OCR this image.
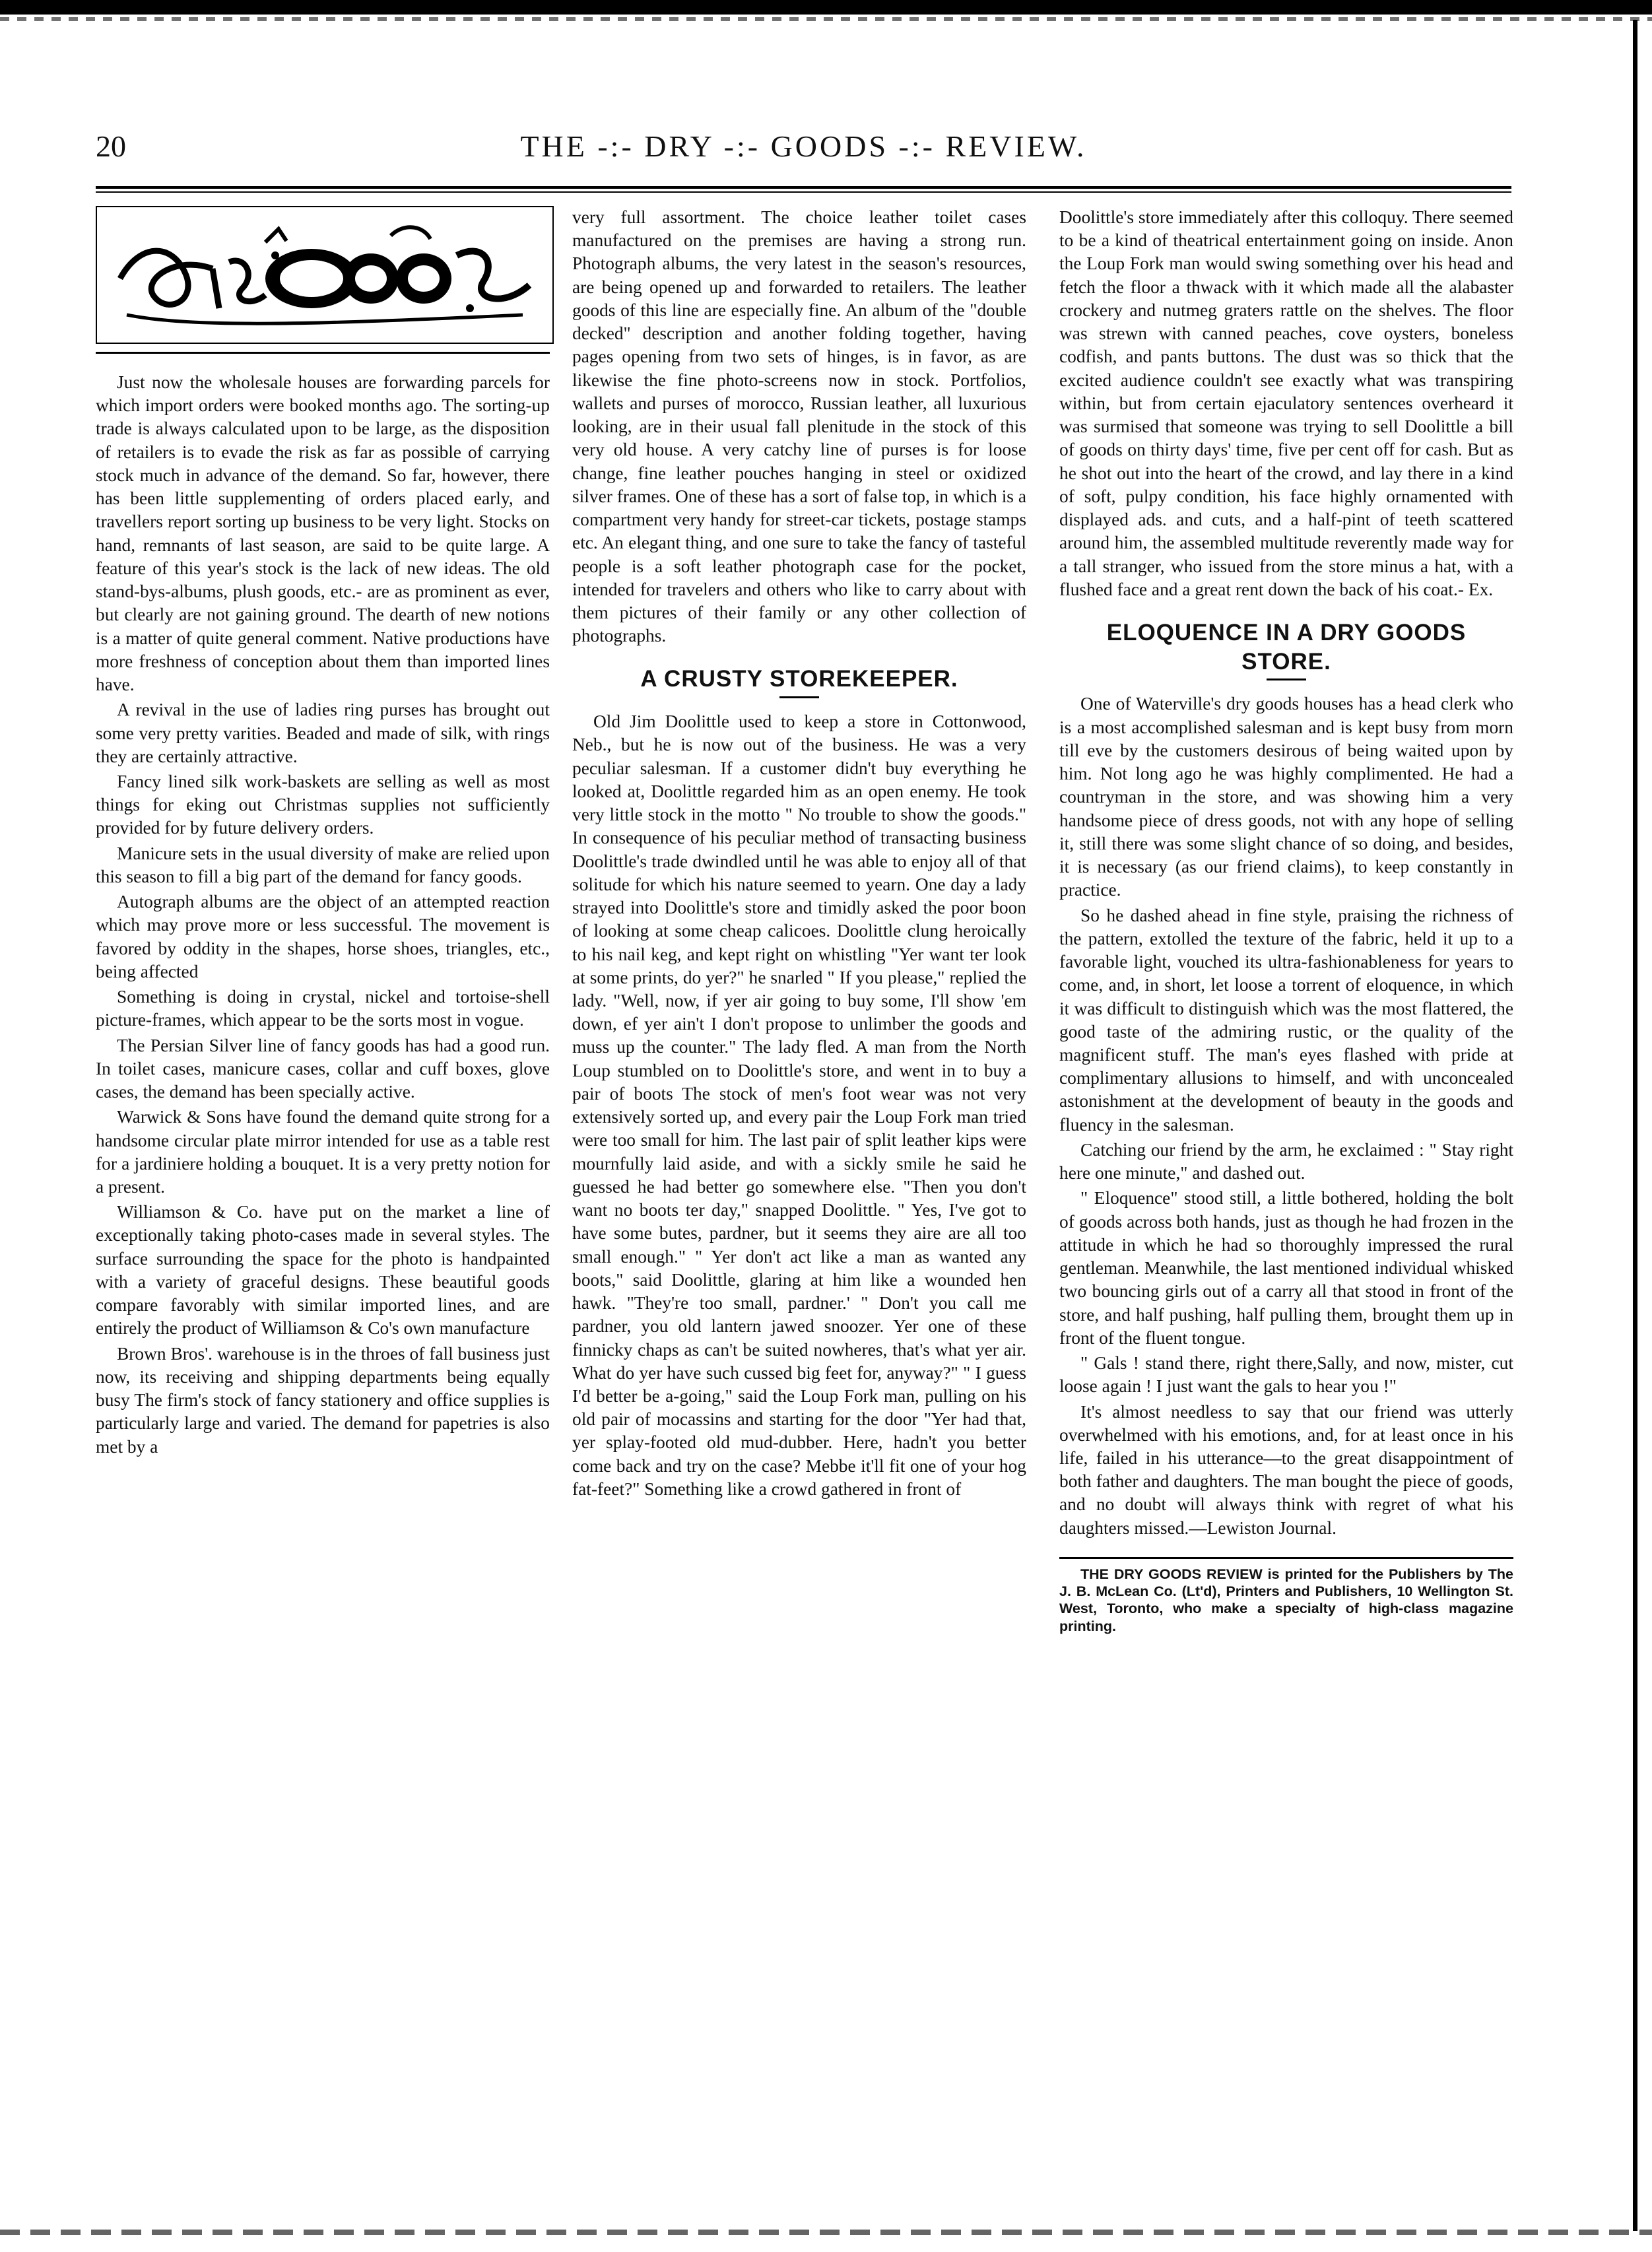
20	THE -:- DRY -:- GOODS -:- REVIEW.

Just now the wholesale houses are forwarding parcels for which import orders were booked months ago. The sorting-up trade is always calculated upon to be large, as the disposition of retailers is to evade the risk as far as possible of carrying stock much in advance of the demand. So far, however, there has been little supplementing of orders placed early, and travellers report sorting up business to be very light. Stocks on hand, remnants of last season, are said to be quite large. A feature of this year's stock is the lack of new ideas. The old stand-bys-albums, plush goods, etc.- are as prominent as ever, but clearly are not gaining ground. The dearth of new notions is a matter of quite general comment. Native productions have more freshness of conception about them than imported lines have.

A revival in the use of ladies ring purses has brought out some very pretty varities. Beaded and made of silk, with rings they are certainly attractive.

Fancy lined silk work-baskets are selling as well as most things for eking out Christmas supplies not sufficiently provided for by future delivery orders.

Manicure sets in the usual diversity of make are relied upon this season to fill a big part of the demand for fancy goods.

Autograph albums are the object of an attempted reaction which may prove more or less successful. The movement is favored by oddity in the shapes, horse shoes, triangles, etc., being affected

Something is doing in crystal, nickel and tortoise-shell picture-frames, which appear to be the sorts most in vogue.

The Persian Silver line of fancy goods has had a good run. In toilet cases, manicure cases, collar and cuff boxes, glove cases, the demand has been specially active.

Warwick & Sons have found the demand quite strong for a handsome circular plate mirror intended for use as a table rest for a jardiniere holding a bouquet. It is a very pretty notion for a present.

Williamson & Co. have put on the market a line of exceptionally taking photo-cases made in several styles. The surface surrounding the space for the photo is handpainted with a variety of graceful designs. These beautiful goods compare favorably with similar imported lines, and are entirely the product of Williamson & Co's own manufacture

Brown Bros'. warehouse is in the throes of fall business just now, its receiving and shipping departments being equally busy The firm's stock of fancy stationery and office supplies is particularly large and varied. The demand for papetries is also met by a

very full assortment. The choice leather toilet cases manufactured on the premises are having a strong run. Photograph albums, the very latest in the season's resources, are being opened up and forwarded to retailers. The leather goods of this line are especially fine. An album of the "double decked" description and another folding together, having pages opening from two sets of hinges, is in favor, as are likewise the fine photo-screens now in stock. Portfolios, wallets and purses of morocco, Russian leather, all luxurious looking, are in their usual fall plenitude in the stock of this very old house. A very catchy line of purses is for loose change, fine leather pouches hanging in steel or oxidized silver frames. One of these has a sort of false top, in which is a compartment very handy for street-car tickets, postage stamps etc. An elegant thing, and one sure to take the fancy of tasteful people is a soft leather photograph case for the pocket, intended for travelers and others who like to carry about with them pictures of their family or any other collection of photographs.

A CRUSTY STOREKEEPER.

Old Jim Doolittle used to keep a store in Cottonwood, Neb., but he is now out of the business. He was a very peculiar salesman. If a customer didn't buy everything he looked at, Doolittle regarded him as an open enemy. He took very little stock in the motto " No trouble to show the goods." In consequence of his peculiar method of transacting business Doolittle's trade dwindled until he was able to enjoy all of that solitude for which his nature seemed to yearn. One day a lady strayed into Doolittle's store and timidly asked the poor boon of looking at some cheap calicoes. Doolittle clung heroically to his nail keg, and kept right on whistling "Yer want ter look at some prints, do yer?" he snarled " If you please," replied the lady. "Well, now, if yer air going to buy some, I'll show 'em down, ef yer ain't I don't propose to unlimber the goods and muss up the counter." The lady fled. A man from the North Loup stumbled on to Doolittle's store, and went in to buy a pair of boots The stock of men's foot wear was not very extensively sorted up, and every pair the Loup Fork man tried were too small for him. The last pair of split leather kips were mournfully laid aside, and with a sickly smile he said he guessed he had better go somewhere else. "Then you don't want no boots ter day," snapped Doolittle. " Yes, I've got to have some butes, pardner, but it seems they aire are all too small enough." " Yer don't act like a man as wanted any boots," said Doolittle, glaring at him like a wounded hen hawk. "They're too small, pardner.' " Don't you call me pardner, you old lantern jawed snoozer. Yer one of these finnicky chaps as can't be suited nowheres, that's what yer air. What do yer have such cussed big feet for, anyway?" " I guess I'd better be a-going," said the Loup Fork man, pulling on his old pair of mocassins and starting for the door "Yer had that, yer splay-footed old mud-dubber. Here, hadn't you better come back and try on the case? Mebbe it'll fit one of your hog fat-feet?" Something like a crowd gathered in front of

Doolittle's store immediately after this colloquy. There seemed to be a kind of theatrical entertainment going on inside. Anon the Loup Fork man would swing something over his head and fetch the floor a thwack with it which made all the alabaster crockery and nutmeg graters rattle on the shelves. The floor was strewn with canned peaches, cove oysters, boneless codfish, and pants buttons. The dust was so thick that the excited audience couldn't see exactly what was transpiring within, but from certain ejaculatory sentences overheard it was surmised that someone was trying to sell Doolittle a bill of goods on thirty days' time, five per cent off for cash. But as he shot out into the heart of the crowd, and lay there in a kind of soft, pulpy condition, his face highly ornamented with displayed ads. and cuts, and a half-pint of teeth scattered around him, the assembled multitude reverently made way for a tall stranger, who issued from the store minus a hat, with a flushed face and a great rent down the back of his coat.- Ex.

ELOQUENCE IN A DRY GOODS STORE.

One of Waterville's dry goods houses has a head clerk who is a most accomplished salesman and is kept busy from morn till eve by the customers desirous of being waited upon by him. Not long ago he was highly complimented. He had a countryman in the store, and was showing him a very handsome piece of dress goods, not with any hope of selling it, still there was some slight chance of so doing, and besides, it is necessary (as our friend claims), to keep constantly in practice.

So he dashed ahead in fine style, praising the richness of the pattern, extolled the texture of the fabric, held it up to a favorable light, vouched its ultra-fashionableness for years to come, and, in short, let loose a torrent of eloquence, in which it was difficult to distinguish which was the most flattered, the good taste of the admiring rustic, or the quality of the magnificent stuff. The man's eyes flashed with pride at complimentary allusions to himself, and with unconcealed astonishment at the development of beauty in the goods and fluency in the salesman.

Catching our friend by the arm, he exclaimed : " Stay right here one minute," and dashed out.

" Eloquence" stood still, a little bothered, holding the bolt of goods across both hands, just as though he had frozen in the attitude in which he had so thoroughly impressed the rural gentleman. Meanwhile, the last mentioned individual whisked two bouncing girls out of a carry all that stood in front of the store, and half pushing, half pulling them, brought them up in front of the fluent tongue.

" Gals ! stand there, right there,Sally, and now, mister, cut loose again ! I just want the gals to hear you !"

It's almost needless to say that our friend was utterly overwhelmed with his emotions, and, for at least once in his life, failed in his utterance—to the great disappointment of both father and daughters. The man bought the piece of goods, and no doubt will always think with regret of what his daughters missed.—Lewiston Journal.

THE DRY GOODS REVIEW is printed for the Publishers by The J. B. McLean Co. (Lt'd), Printers and Publishers, 10 Wellington St. West, Toronto, who make a specialty of high-class magazine printing.
